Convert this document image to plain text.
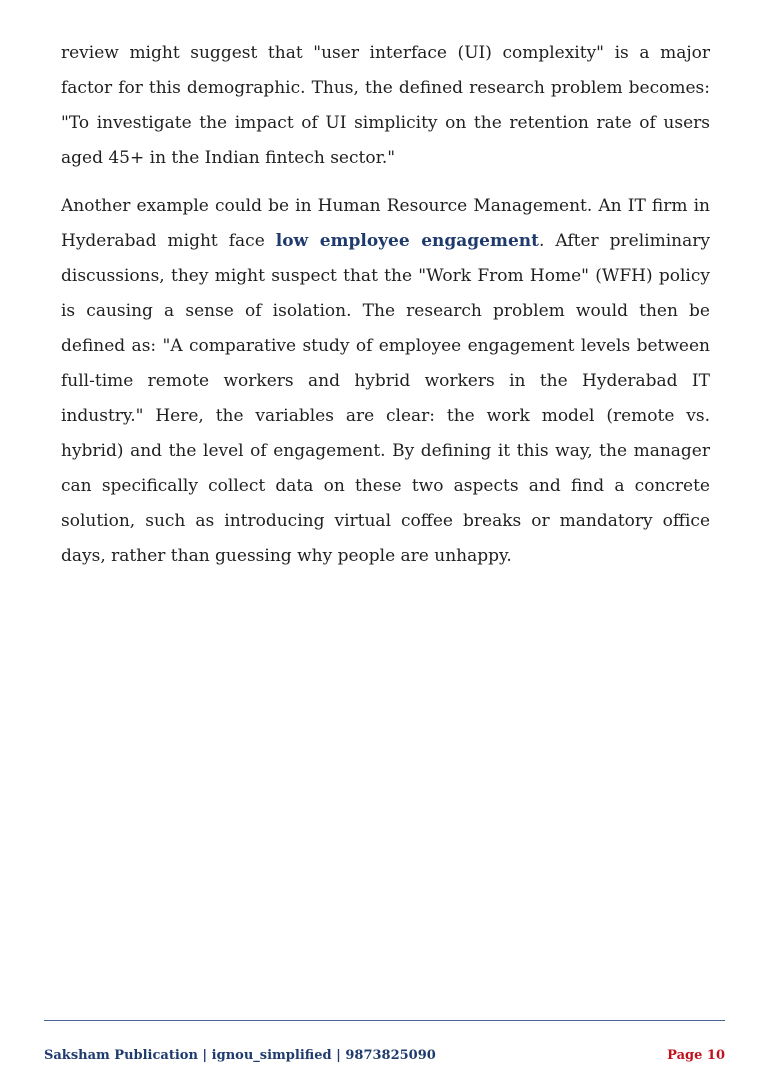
review might suggest that "user interface (UI) complexity" is a major factor for this demographic. Thus, the defined research problem becomes: "To investigate the impact of UI simplicity on the retention rate of users aged 45+ in the Indian fintech sector."

Another example could be in Human Resource Management. An IT firm in Hyderabad might face low employee engagement. After preliminary discussions, they might suspect that the "Work From Home" (WFH) policy is causing a sense of isolation. The research problem would then be defined as: "A comparative study of employee engagement levels between full-time remote workers and hybrid workers in the Hyderabad IT industry." Here, the variables are clear: the work model (remote vs. hybrid) and the level of engagement. By defining it this way, the manager can specifically collect data on these two aspects and find a concrete solution, such as introducing virtual coffee breaks or mandatory office days, rather than guessing why people are unhappy.

Saksham Publication | ignou_simplified | 9873825090	Page 10
